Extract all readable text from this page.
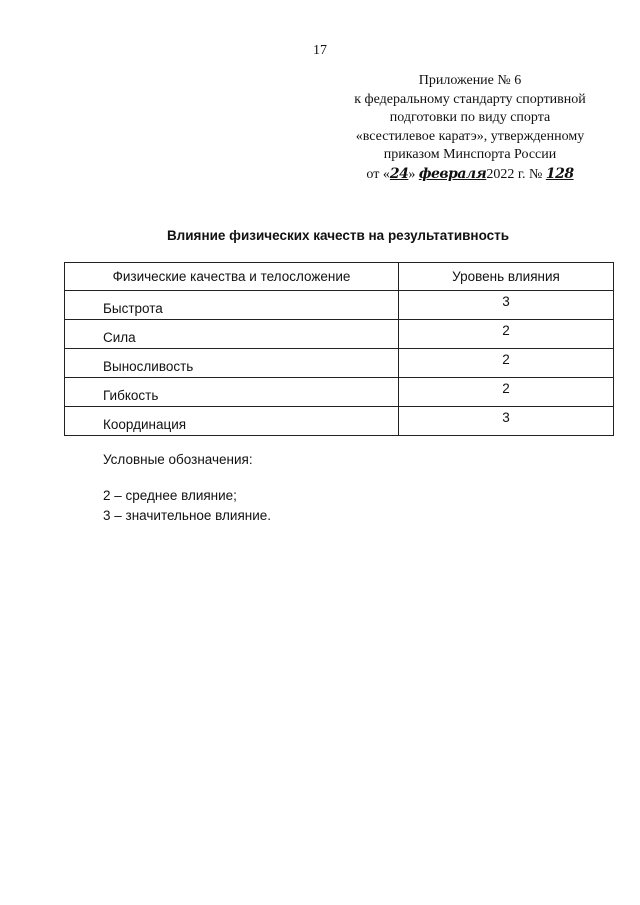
17
Приложение № 6
к федеральному стандарту спортивной
подготовки по виду спорта
«всестилевое каратэ», утвержденному
приказом Минспорта России
от «24» февраля2022 г. № 128
Влияние физических качеств на результативность
Физические качества и телосложение	Уровень влияния
Быстрота	3
Сила	2
Выносливость	2
Гибкость	2
Координация	3
Условные обозначения:
2 – среднее влияние;
3 – значительное влияние.
